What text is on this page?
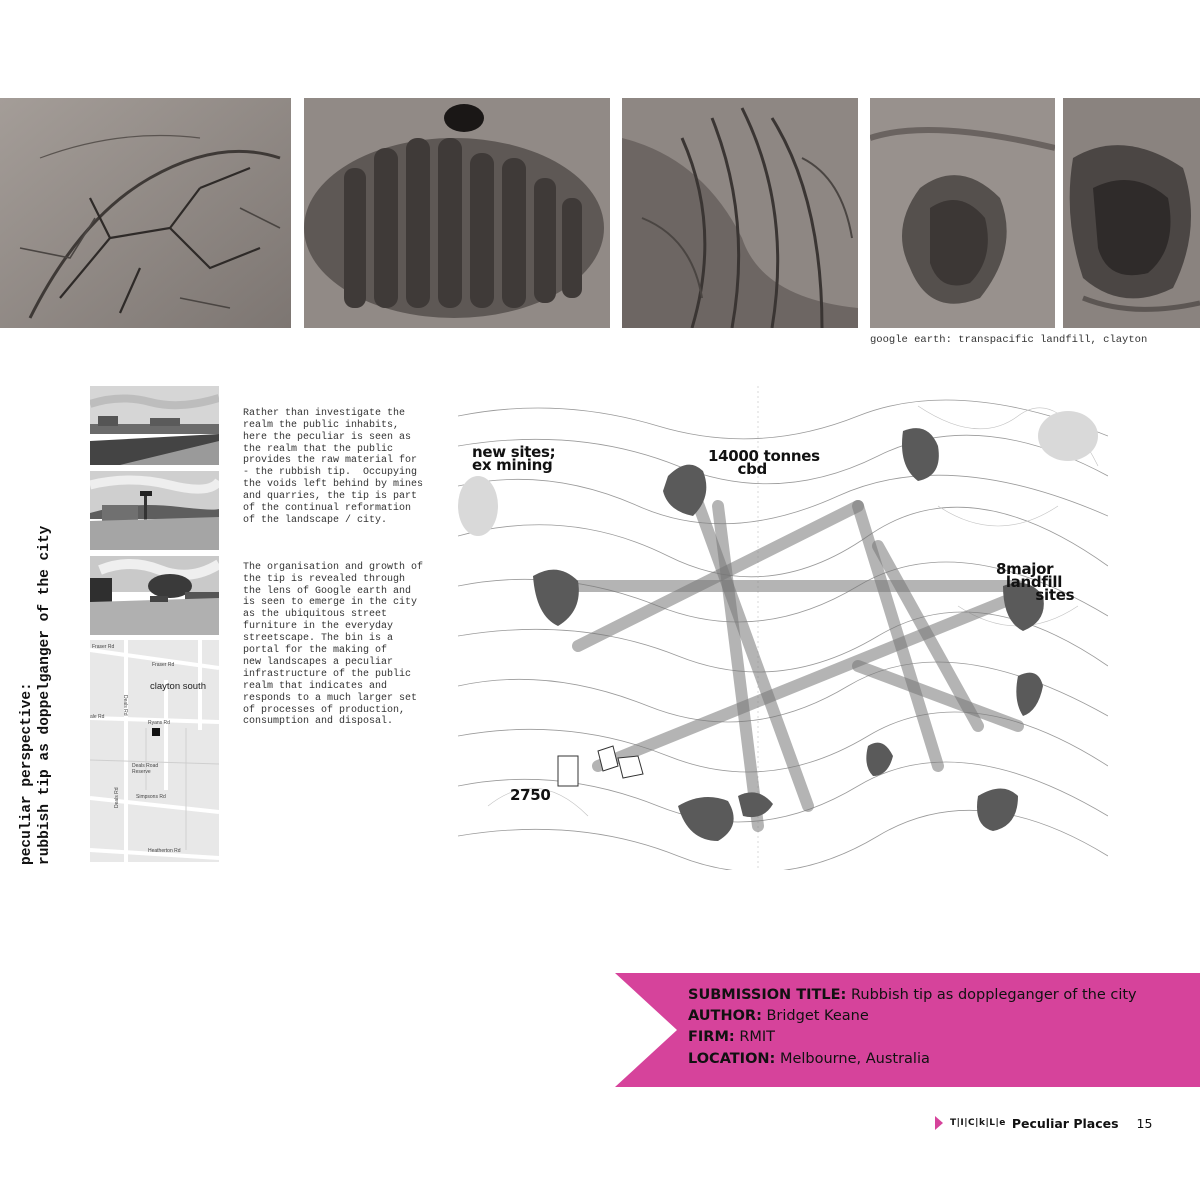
google earth: transpacific landfill, clayton
peculiar perspective: rubbish tip as doppelganger of the city	clayton south
Fraser Rd
Fraser Rd
Deals Rd
Ryans Rd
ale Rd
Deals Road
Reserve
Simpsons Rd
Deals Rd
Heatherton Rd

Rather than investigate the
realm the public inhabits,
here the peculiar is seen as
the realm that the public
provides the raw material for
- the rubbish tip.  Occupying
the voids left behind by mines
and quarries, the tip is part
of the continual reformation
of the landscape / city.

The organisation and growth of
the tip is revealed through
the lens of Google earth and
is seen to emerge in the city
as the ubiquitous street
furniture in the everyday
streetscape. The bin is a
portal for the making of
new landscapes a peculiar
infrastructure of the public
realm that indicates and
responds to a much larger set
of processes of production,
consumption and disposal.

new sites;
ex mining	14000 tonnes
cbd
8major
landfill
sites
2750
SUBMISSION TITLE: Rubbish tip as doppleganger of the city
AUTHOR: Bridget Keane
FIRM: RMIT
LOCATION: Melbourne, Australia
T|I|C|k|L|e Peculiar Places 15
